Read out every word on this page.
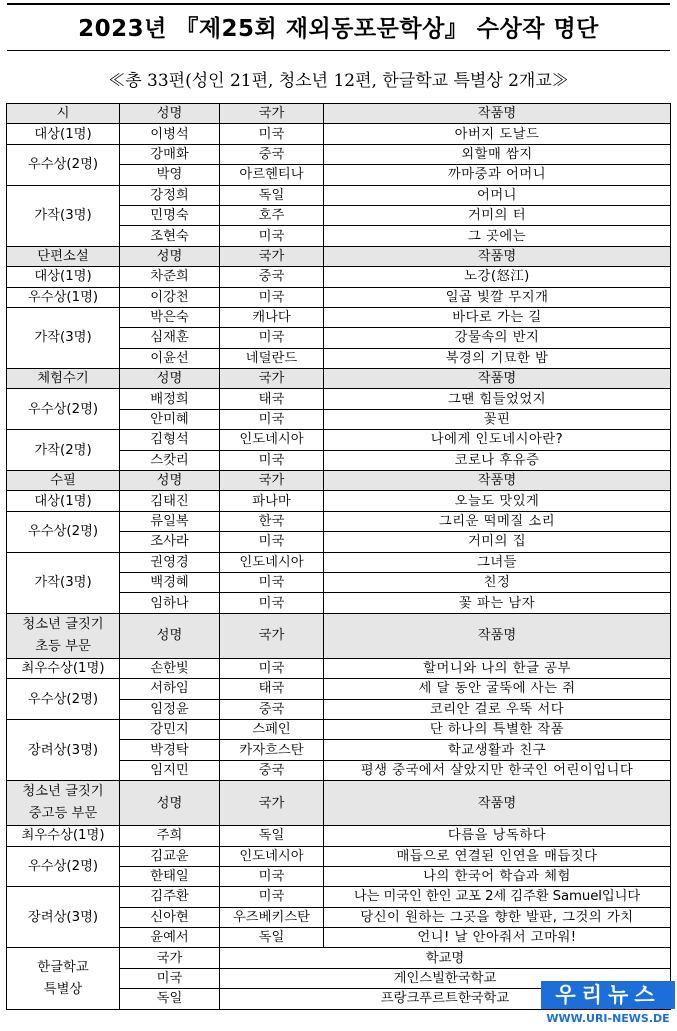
2023년 『제25회 재외동포문학상』 수상작 명단
≪총 33편(성인 21편, 청소년 12편, 한글학교 특별상 2개교≫
시	성명	국가	작품명
대상(1명)	이병석	미국	아버지 도날드
우수상(2명)	강매화	중국	외할매 쌈지
	박영	아르헨티나	까마중과 어머니
가작(3명)	강정희	독일	어머니
	민명숙	호주	거미의 터
	조현숙	미국	그 곳에는
단편소설	성명	국가	작품명
대상(1명)	차준희	중국	노강(怒江)
우수상(1명)	이강천	미국	일곱 빛깔 무지개
가작(3명)	박은숙	캐나다	바다로 가는 길
	심재훈	미국	강물속의 반지
	이윤선	네덜란드	북경의 기묘한 밤
체험수기	성명	국가	작품명
우수상(2명)	배정희	태국	그땐 힘들었었지
	안미혜	미국	꽃핀
가작(2명)	김형석	인도네시아	나에게 인도네시아란?
	스캇리	미국	코로나 후유증
수필	성명	국가	작품명
대상(1명)	김태진	파나마	오늘도 맛있게
우수상(2명)	류일복	한국	그리운 떡메질 소리
	조사라	미국	거미의 집
가작(3명)	권영경	인도네시아	그녀들
	백경혜	미국	친정
	임하나	미국	꽃 파는 남자

청소년 글짓기
초등 부문	성명	국가	작품명
최우수상(1명)	손한빛	미국	할머니와 나의 한글 공부
우수상(2명)	서하임	태국	세 달 동안 굴뚝에 사는 쥐
	임정윤	중국	코리안 걸로 우뚝 서다
장려상(3명)	강민지	스페인	단 하나의 특별한 작품
	박경탁	카자흐스탄	학교생활과 친구
	임지민	중국	평생 중국에서 살았지만 한국인 어린이입니다

청소년 글짓기
중고등 부문	성명	국가	작품명
최우수상(1명)	주희	독일	다름을 낭독하다
우수상(2명)	김교윤	인도네시아	매듭으로 연결된 인연을 매듭짓다
	한태일	미국	나의 한국어 학습과 체험
장려상(3명)	김주환	미국	나는 미국인 한인 교포 2세 김주환 Samuel입니다
	신아현	우즈베키스탄	당신이 원하는 그곳을 향한 발판, 그것의 가치
	윤예서	독일	언니! 날 안아줘서 고마워!

한글학교
특별상	국가	학교명	
	미국	게인스빌한국학교	
	독일	프랑크푸르트한국학교		우리뉴스
WWW.URI-NEWS.DE
